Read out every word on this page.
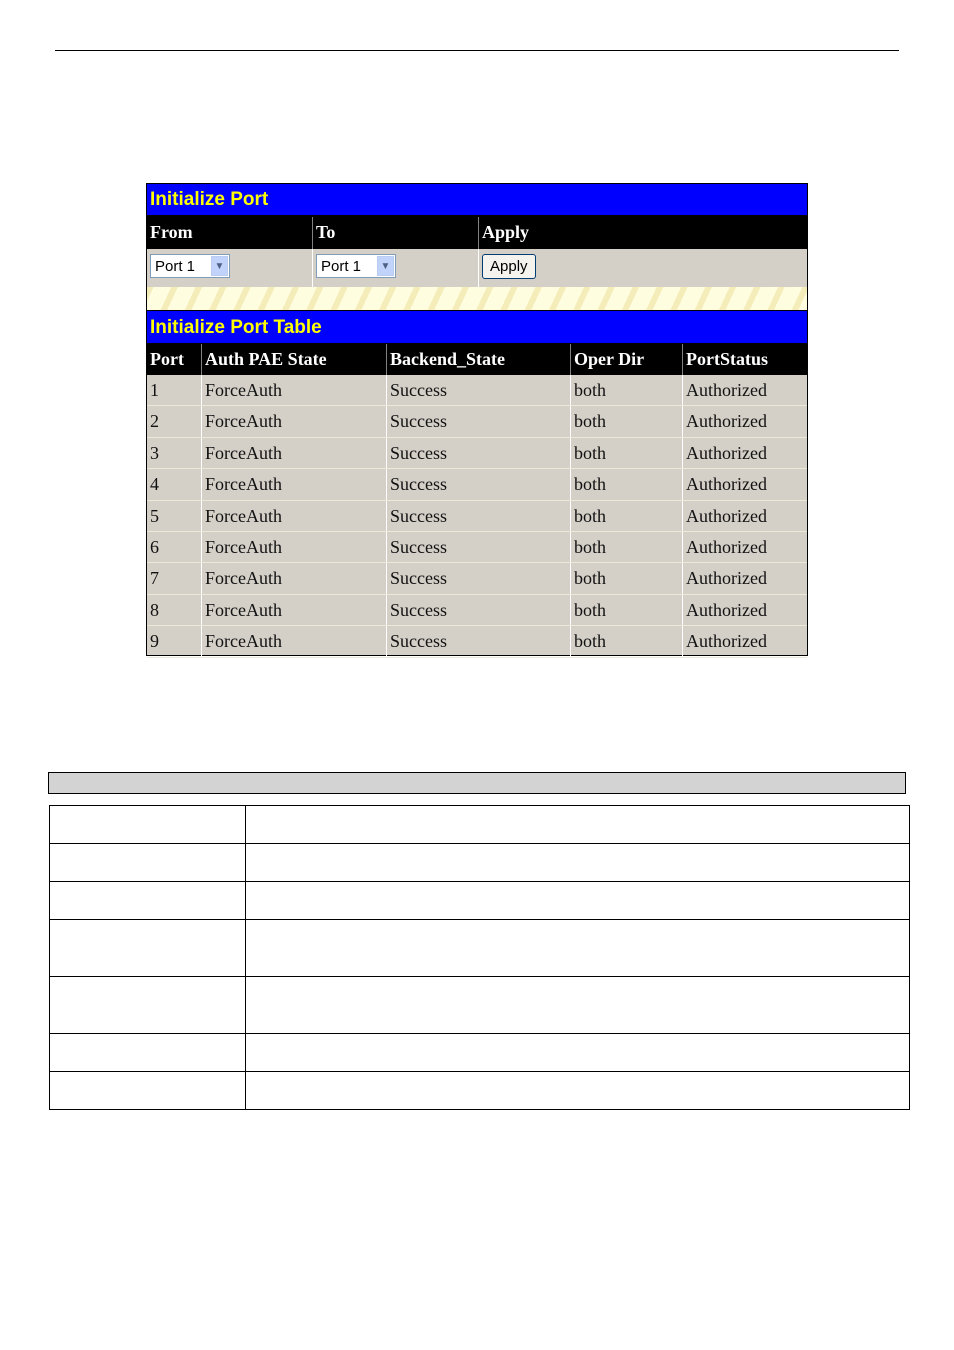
Initialize Port
From	To	Apply
Port 1	▼	Port 1	▼	Apply
Initialize Port Table
Port	Auth PAE State	Backend_State	Oper Dir	PortStatus
1	ForceAuth	Success	both	Authorized
2	ForceAuth	Success	both	Authorized
3	ForceAuth	Success	both	Authorized
4	ForceAuth	Success	both	Authorized
5	ForceAuth	Success	both	Authorized
6	ForceAuth	Success	both	Authorized
7	ForceAuth	Success	both	Authorized
8	ForceAuth	Success	both	Authorized
9	ForceAuth	Success	both	Authorized
